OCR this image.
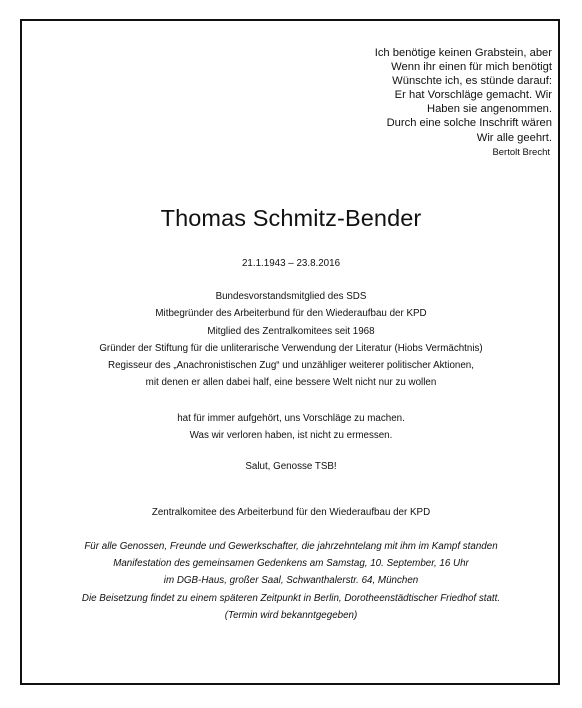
Ich benötige keinen Grabstein, aber
Wenn ihr einen für mich benötigt
Wünschte ich, es stünde darauf:
Er hat Vorschläge gemacht. Wir
Haben sie angenommen.
Durch eine solche Inschrift wären
Wir alle geehrt.
Bertolt Brecht
Thomas Schmitz-Bender
21.1.1943 – 23.8.2016
Bundesvorstandsmitglied des SDS
Mitbegründer des Arbeiterbund für den Wiederaufbau der KPD
Mitglied des Zentralkomitees seit 1968
Gründer der Stiftung für die unliterarische Verwendung der Literatur (Hiobs Vermächtnis)
Regisseur des „Anachronistischen Zug“ und unzähliger weiterer politischer Aktionen,
mit denen er allen dabei half, eine bessere Welt nicht nur zu wollen
hat für immer aufgehört, uns Vorschläge zu machen.
Was wir verloren haben, ist nicht zu ermessen.
Salut, Genosse TSB!
Zentralkomitee des Arbeiterbund für den Wiederaufbau der KPD
Für alle Genossen, Freunde und Gewerkschafter, die jahrzehntelang mit ihm im Kampf standen
Manifestation des gemeinsamen Gedenkens am Samstag, 10. September, 16 Uhr
im DGB-Haus, großer Saal, Schwanthalerstr. 64, München
Die Beisetzung findet zu einem späteren Zeitpunkt in Berlin, Dorotheenstädtischer Friedhof statt.
(Termin wird bekanntgegeben)
